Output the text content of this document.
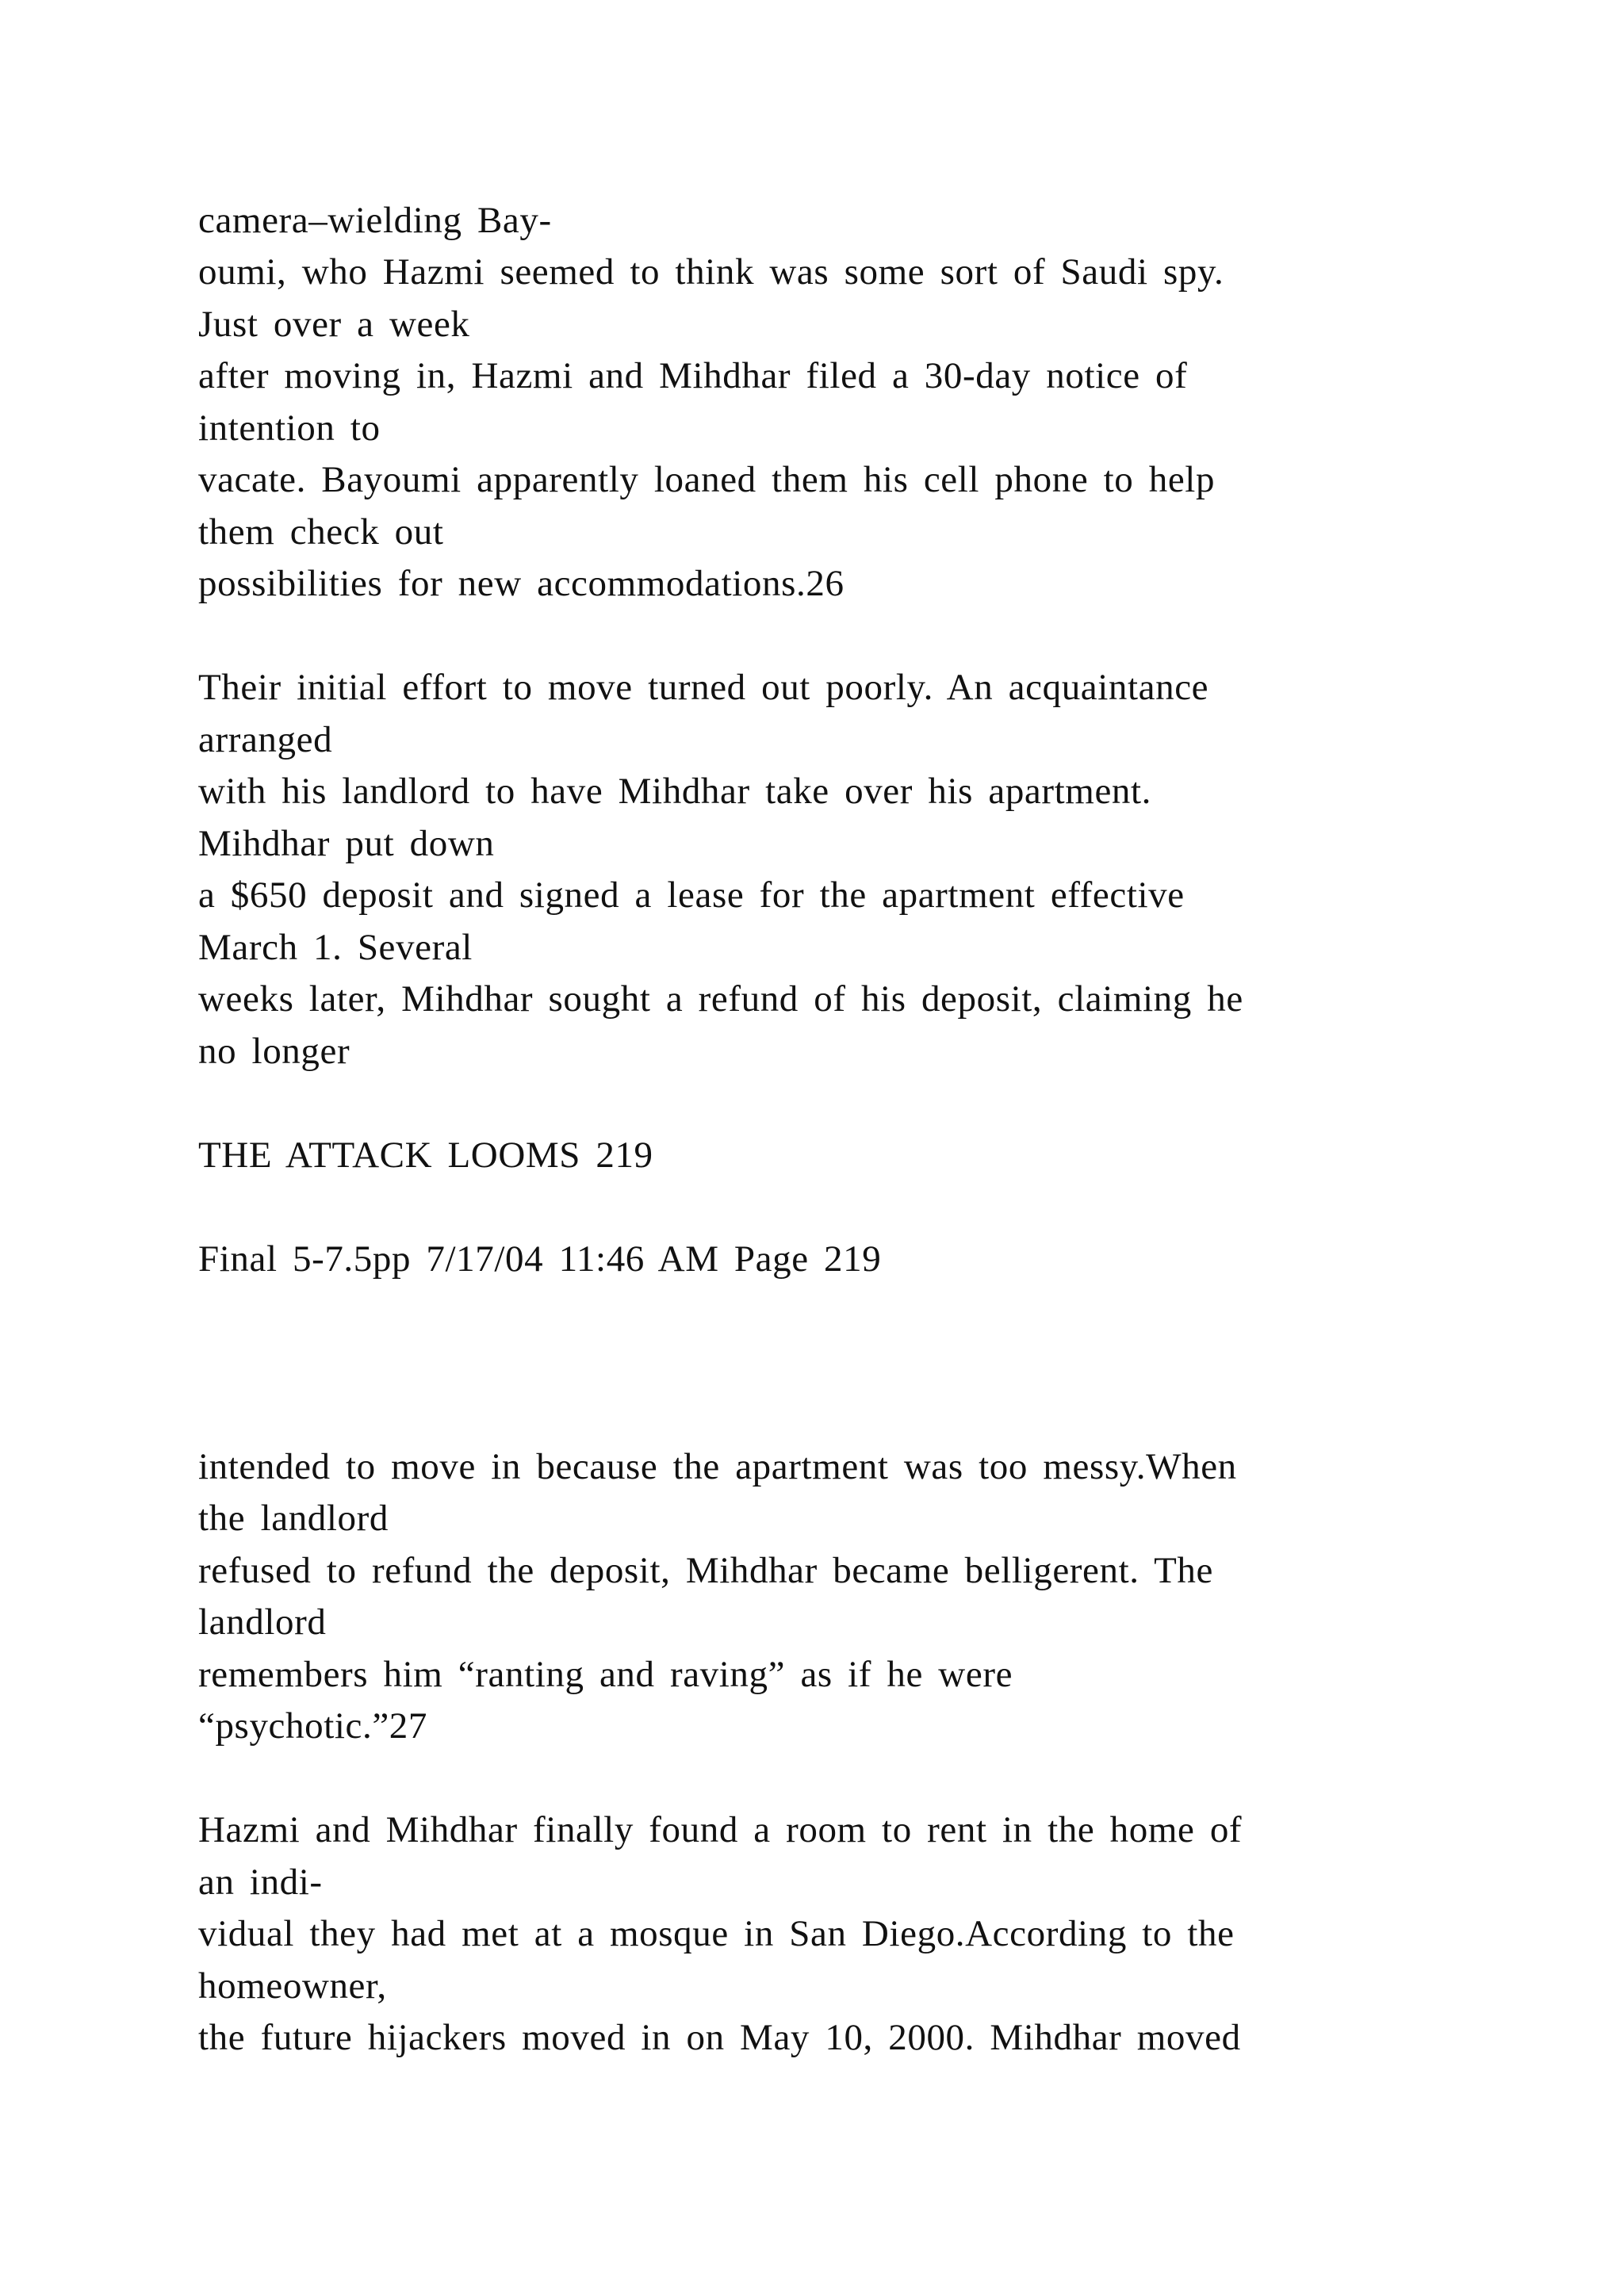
camera–wielding Bay-
oumi, who Hazmi seemed to think was some sort of Saudi spy.
Just over a week
after moving in, Hazmi and Mihdhar filed a 30-day notice of
intention to
vacate. Bayoumi apparently loaned them his cell phone to help
them check out
possibilities for new accommodations.26
Their initial effort to move turned out poorly. An acquaintance
arranged
with his landlord to have Mihdhar take over his apartment.
Mihdhar put down
a $650 deposit and signed a lease for the apartment effective
March 1. Several
weeks later, Mihdhar sought a refund of his deposit, claiming he
no longer
THE ATTACK LOOMS 219
Final 5-7.5pp 7/17/04 11:46 AM Page 219
intended to move in because the apartment was too messy.When
the landlord
refused to refund the deposit, Mihdhar became belligerent. The
landlord
remembers him “ranting and raving” as if he were
“psychotic.”27
Hazmi and Mihdhar finally found a room to rent in the home of
an indi-
vidual they had met at a mosque in San Diego.According to the
homeowner,
the future hijackers moved in on May 10, 2000. Mihdhar moved
